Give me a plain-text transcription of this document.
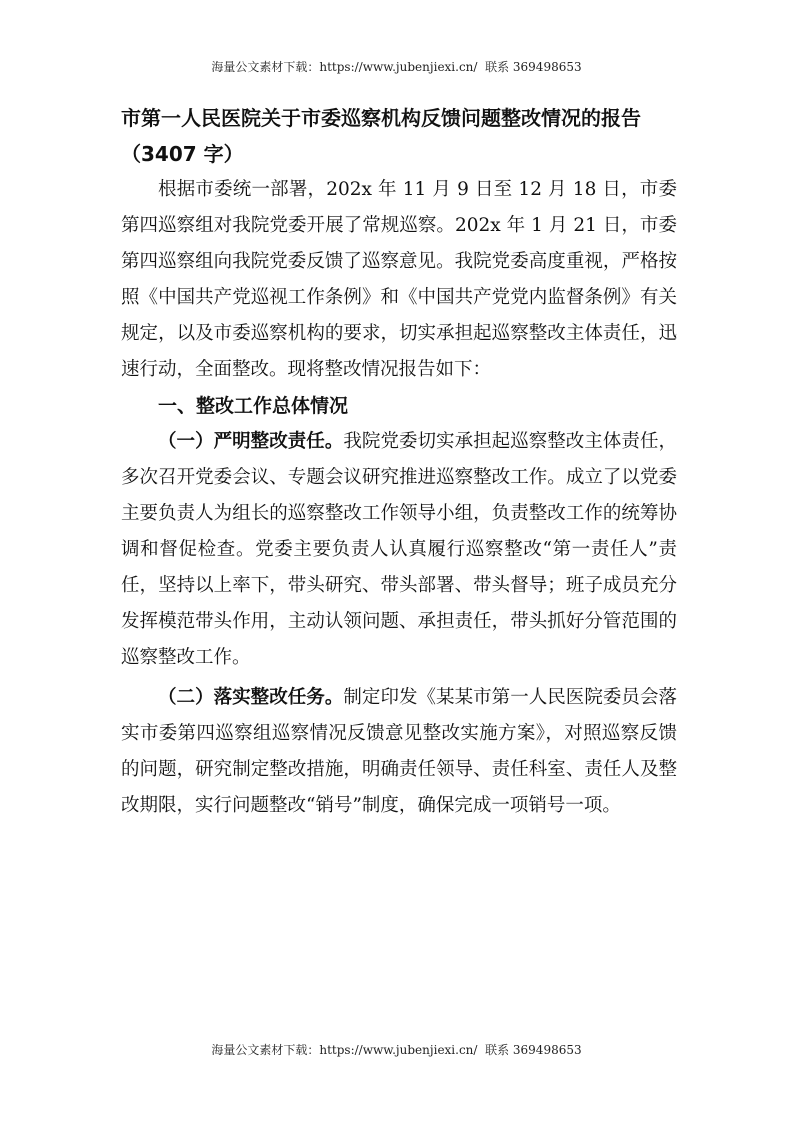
海量公文素材下载：https://www.jubenjiexi.cn/  联系 369498653
市第一人民医院关于市委巡察机构反馈问题整改情况的报告（3407 字）

根据市委统一部署，202x 年 11 月 9 日至 12 月 18 日，市委第四巡察组对我院党委开展了常规巡察。202x 年 1 月 21 日，市委第四巡察组向我院党委反馈了巡察意见。我院党委高度重视，严格按照《中国共产党巡视工作条例》和《中国共产党党内监督条例》有关规定，以及市委巡察机构的要求，切实承担起巡察整改主体责任，迅速行动，全面整改。现将整改情况报告如下：

一、整改工作总体情况

（一）严明整改责任。我院党委切实承担起巡察整改主体责任，多次召开党委会议、专题会议研究推进巡察整改工作。成立了以党委主要负责人为组长的巡察整改工作领导小组，负责整改工作的统筹协调和督促检查。党委主要负责人认真履行巡察整改“第一责任人”责任，坚持以上率下，带头研究、带头部署、带头督导；班子成员充分发挥模范带头作用，主动认领问题、承担责任，带头抓好分管范围的巡察整改工作。

（二）落实整改任务。制定印发《某某市第一人民医院委员会落实市委第四巡察组巡察情况反馈意见整改实施方案》，对照巡察反馈的问题，研究制定整改措施，明确责任领导、责任科室、责任人及整改期限，实行问题整改“销号”制度，确保完成一项销号一项。

海量公文素材下载：https://www.jubenjiexi.cn/  联系 369498653
